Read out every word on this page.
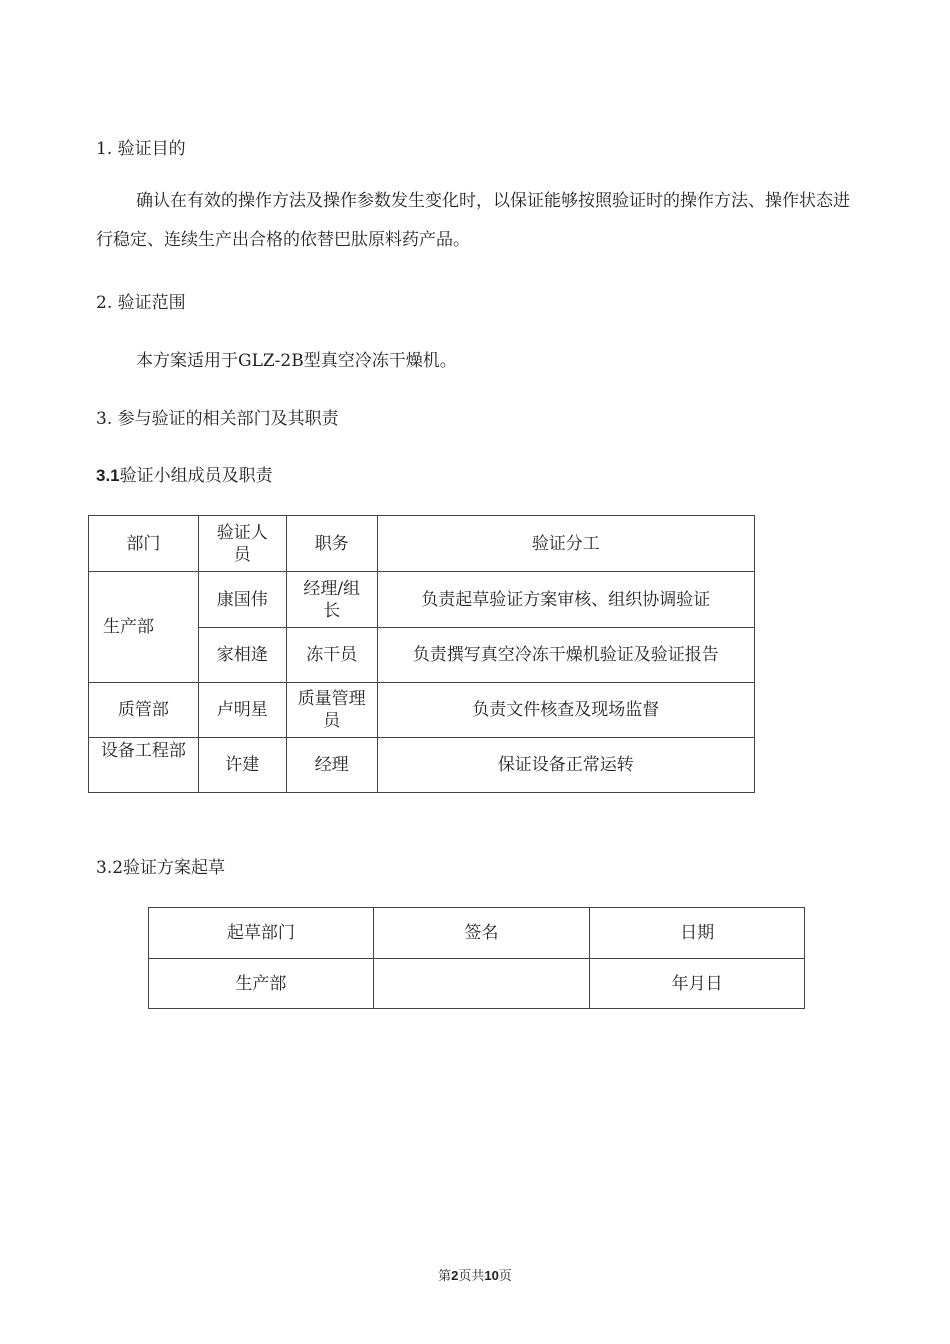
1. 验证目的
确认在有效的操作方法及操作参数发生变化时，以保证能够按照验证时的操作方法、操作状态进行稳定、连续生产出合格的依替巴肽原料药产品。
2. 验证范围
本方案适用于GLZ-2B型真空冷冻干燥机。
3. 参与验证的相关部门及其职责
3.1验证小组成员及职责
部门	验证人员	职务	验证分工
生产部	康国伟	经理/组长	负责起草验证方案审核、组织协调验证
	家相逄	冻干员	负责撰写真空冷冻干燥机验证及验证报告
质管部	卢明星	质量管理员	负责文件核查及现场监督
设备工程部	许建	经理	保证设备正常运转
3.2验证方案起草
起草部门	签名	日期
生产部		年月日
第2页共10页
